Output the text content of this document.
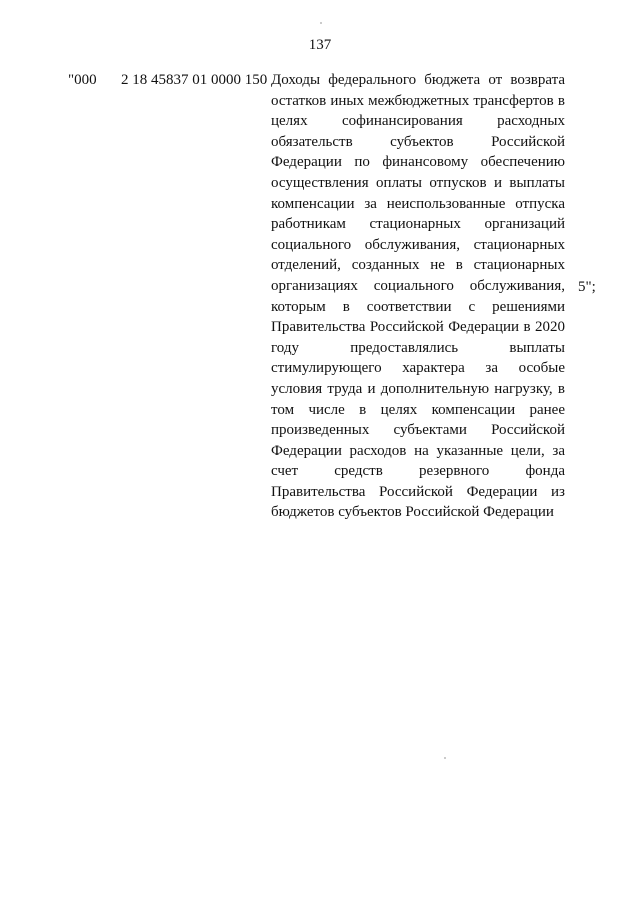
137
"000 2 18 45837 01 0000 150 Доходы федерального бюджета от возврата остатков иных межбюджетных трансфертов в целях софинансирования расходных обязательств субъектов Российской Федерации по финансовому обеспечению осуществления оплаты отпусков и выплаты компенсации за неиспользованные отпуска работникам стационарных организаций социального обслуживания, стационарных отделений, созданных не в стационарных организациях социального обслуживания, которым в соответствии с решениями Правительства Российской Федерации в 2020 году предоставлялись выплаты стимулирующего характера за особые условия труда и дополнительную нагрузку, в том числе в целях компенсации ранее произведенных субъектами Российской Федерации расходов на указанные цели, за счет средств резервного фонда Правительства Российской Федерации из бюджетов субъектов Российской Федерации
5";
